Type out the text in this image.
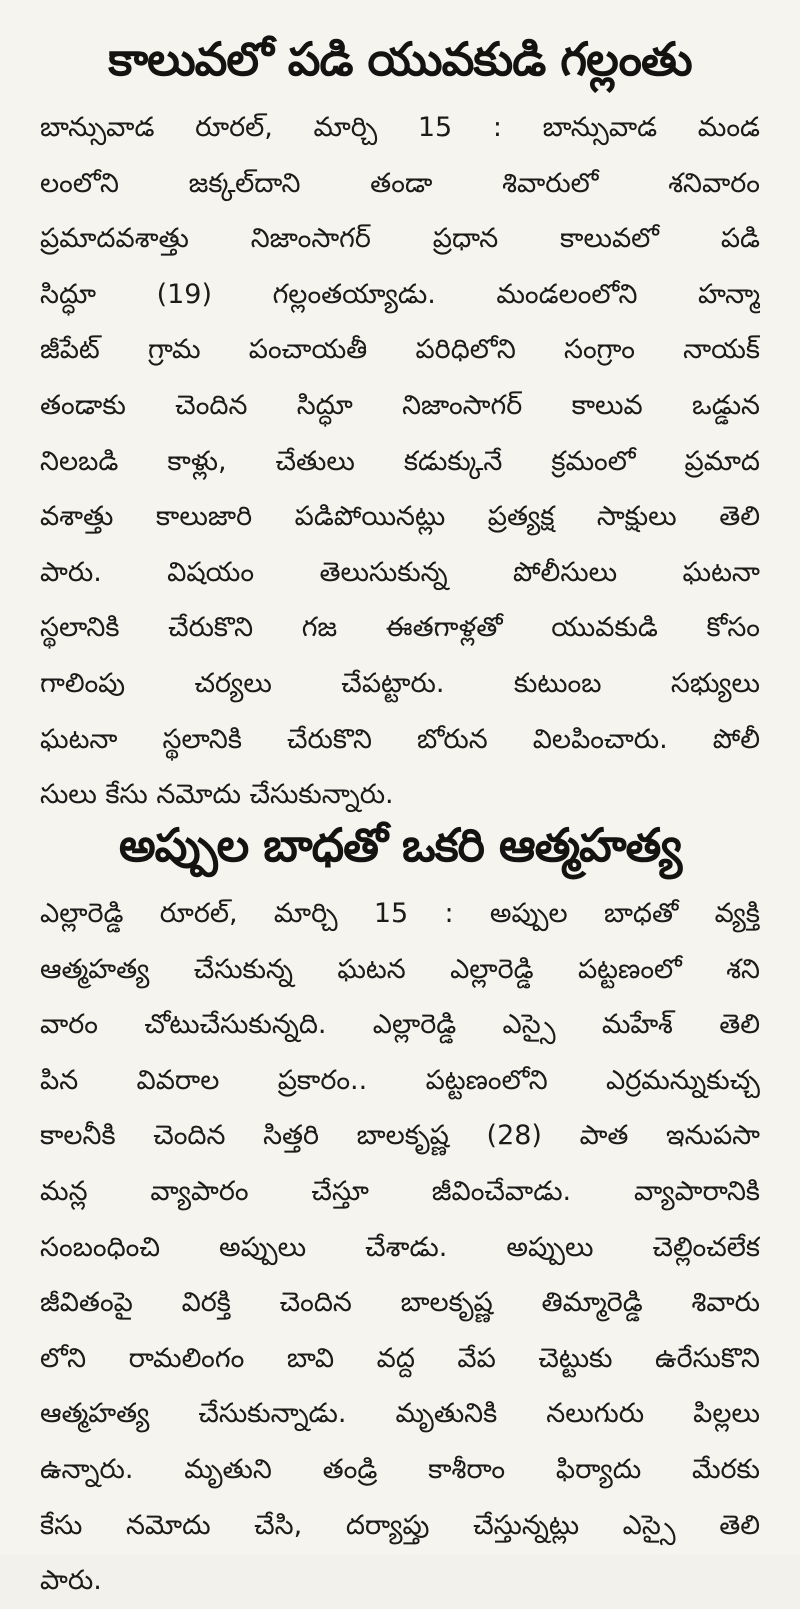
కాలువలో పడి యువకుడి గల్లంతు
బాన్సువాడ రూరల్, మార్చి 15 : బాన్సువాడ మండ
లంలోని జక్కల్‌దాని తండా శివారులో శనివారం
ప్రమాదవశాత్తు నిజాంసాగర్ ప్రధాన కాలువలో పడి
సిద్ధూ (19) గల్లంతయ్యాడు. మండలంలోని హన్మా
జీపేట్ గ్రామ పంచాయతీ పరిధిలోని సంగ్రాం నాయక్
తండాకు చెందిన సిద్ధూ నిజాంసాగర్ కాలువ ఒడ్డున
నిలబడి కాళ్లు, చేతులు కడుక్కునే క్రమంలో ప్రమాద
వశాత్తు కాలుజారి పడిపోయినట్లు ప్రత్యక్ష సాక్షులు తెలి
పారు. విషయం తెలుసుకున్న పోలీసులు ఘటనా
స్థలానికి చేరుకొని గజ ఈతగాళ్లతో యువకుడి కోసం
గాలింపు చర్యలు చేపట్టారు. కుటుంబ సభ్యులు
ఘటనా స్థలానికి చేరుకొని బోరున విలపించారు. పోలీ
సులు కేసు నమోదు చేసుకున్నారు.
అప్పుల బాధతో ఒకరి ఆత్మహత్య
ఎల్లారెడ్డి రూరల్, మార్చి 15 : అప్పుల బాధతో వ్యక్తి
ఆత్మహత్య చేసుకున్న ఘటన ఎల్లారెడ్డి పట్టణంలో శని
వారం చోటుచేసుకున్నది. ఎల్లారెడ్డి ఎస్సై మహేశ్ తెలి
పిన వివరాల ప్రకారం.. పట్టణంలోని ఎర్రమన్నుకుచ్చ
కాలనీకి చెందిన సిత్తరి బాలకృష్ణ (28) పాత ఇనుపసా
మన్ల వ్యాపారం చేస్తూ జీవించేవాడు. వ్యాపారానికి
సంబంధించి అప్పులు చేశాడు. అప్పులు చెల్లించలేక
జీవితంపై విరక్తి చెందిన బాలకృష్ణ తిమ్మారెడ్డి శివారు
లోని రామలింగం బావి వద్ద వేప చెట్టుకు ఉరేసుకొని
ఆత్మహత్య చేసుకున్నాడు. మృతునికి నలుగురు పిల్లలు
ఉన్నారు. మృతుని తండ్రి కాశీరాం ఫిర్యాదు మేరకు
కేసు నమోదు చేసి, దర్యాప్తు చేస్తున్నట్లు ఎస్సై తెలి
పారు.
